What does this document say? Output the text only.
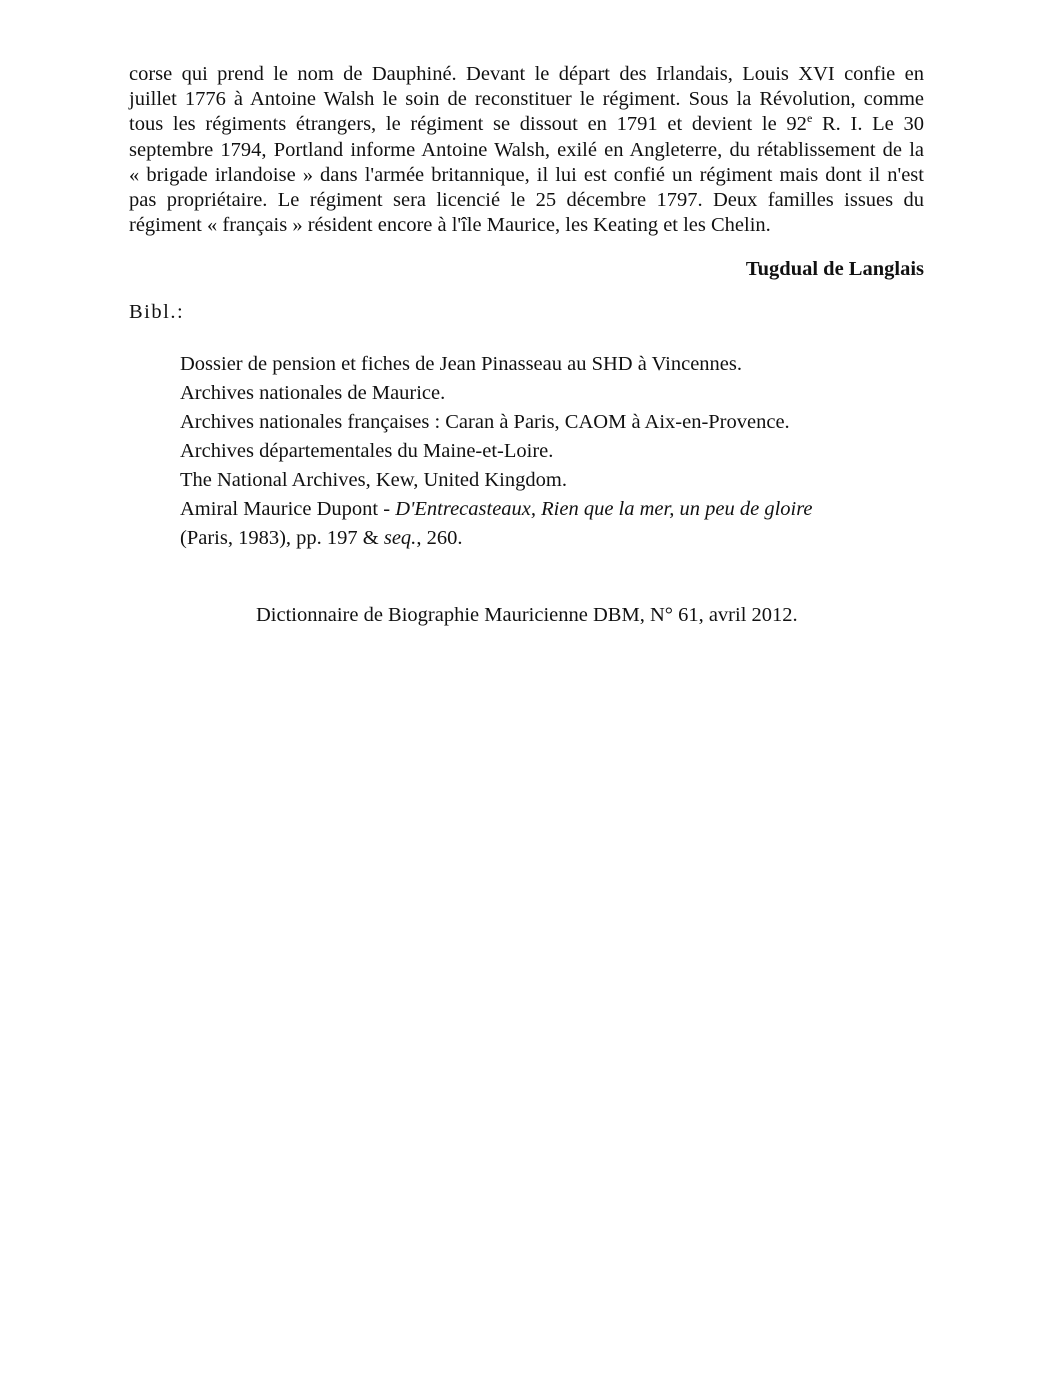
corse qui prend le nom de Dauphiné. Devant le départ des Irlandais, Louis XVI confie en
juillet 1776 à Antoine Walsh le soin de reconstituer le régiment. Sous la Révolution, comme
tous les régiments étrangers, le régiment se dissout en 1791 et devient le 92e R. I. Le 30
septembre 1794, Portland informe Antoine Walsh, exilé en Angleterre, du rétablissement de la
« brigade irlandoise » dans l'armée britannique, il lui est confié un régiment mais dont il n'est
pas propriétaire. Le régiment sera licencié le 25 décembre 1797. Deux familles issues du
régiment « français » résident encore à l'île Maurice, les Keating et les Chelin.
Tugdual de Langlais
Bibl.:
Dossier de pension et fiches de Jean Pinasseau au SHD à Vincennes.
Archives nationales de Maurice.
Archives nationales françaises : Caran à Paris, CAOM à Aix-en-Provence.
Archives départementales du Maine-et-Loire.
The National Archives, Kew, United Kingdom.
Amiral Maurice Dupont - D'Entrecasteaux, Rien que la mer, un peu de gloire
(Paris, 1983), pp. 197 & seq., 260.
Dictionnaire de Biographie Mauricienne DBM, N° 61, avril 2012.
